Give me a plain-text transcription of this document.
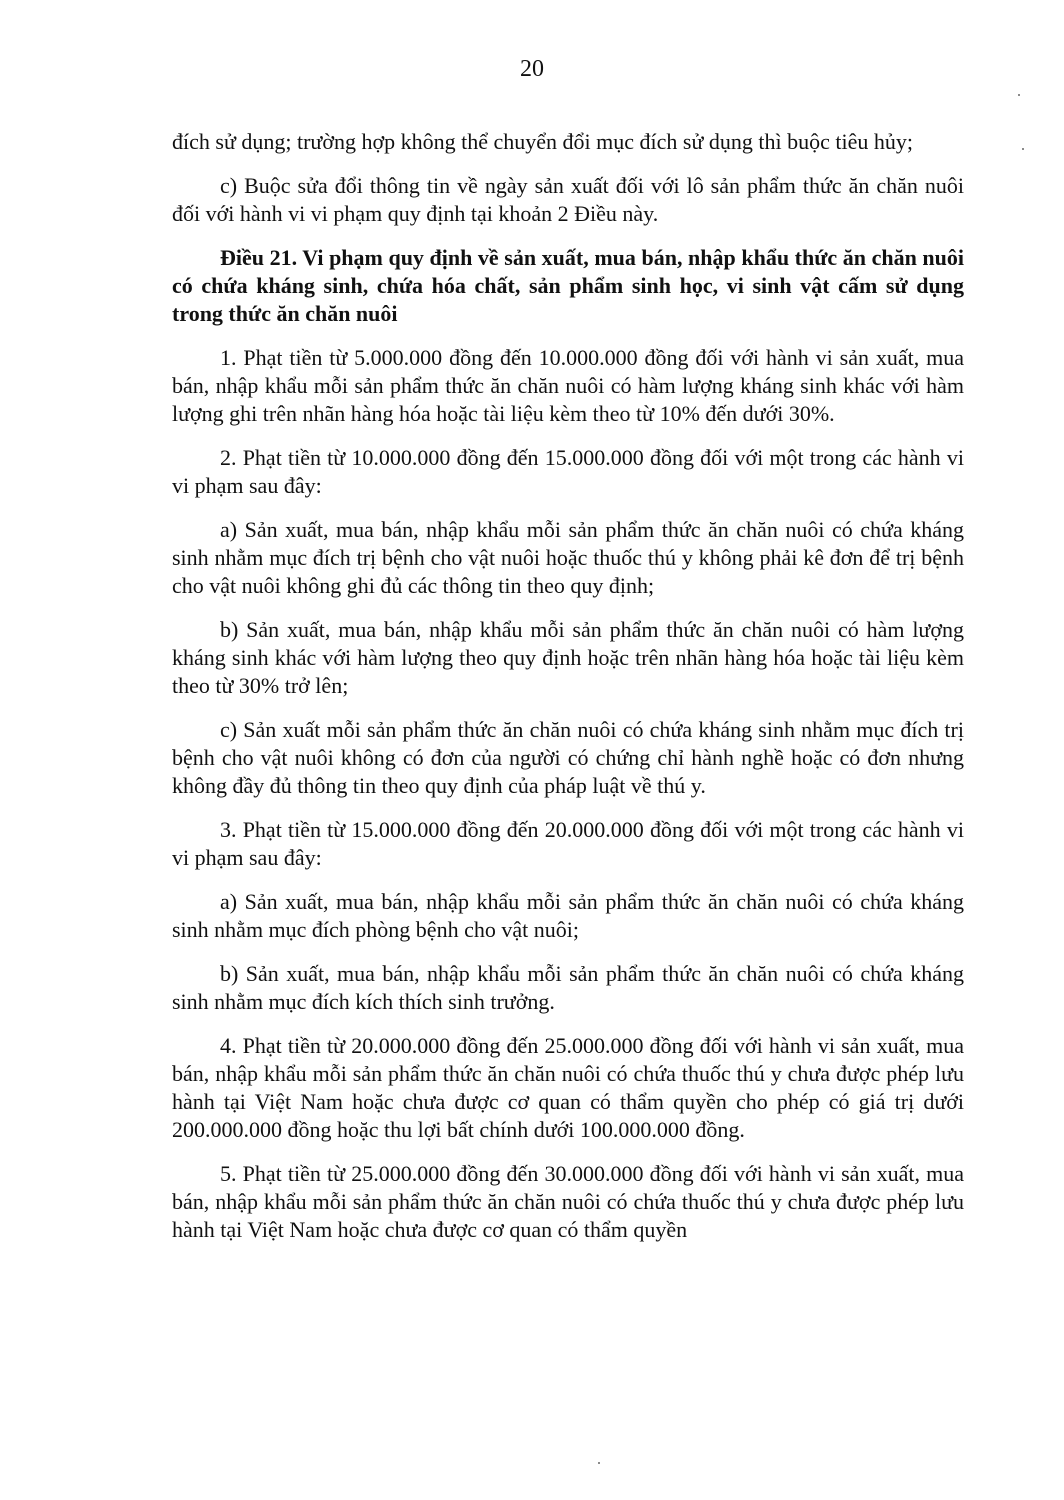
20

đích sử dụng; trường hợp không thể chuyển đổi mục đích sử dụng thì buộc tiêu hủy;

c) Buộc sửa đổi thông tin về ngày sản xuất đối với lô sản phẩm thức ăn chăn nuôi đối với hành vi vi phạm quy định tại khoản 2 Điều này.

Điều 21. Vi phạm quy định về sản xuất, mua bán, nhập khẩu thức ăn chăn nuôi có chứa kháng sinh, chứa hóa chất, sản phẩm sinh học, vi sinh vật cấm sử dụng trong thức ăn chăn nuôi

1. Phạt tiền từ 5.000.000 đồng đến 10.000.000 đồng đối với hành vi sản xuất, mua bán, nhập khẩu mỗi sản phẩm thức ăn chăn nuôi có hàm lượng kháng sinh khác với hàm lượng ghi trên nhãn hàng hóa hoặc tài liệu kèm theo từ 10% đến dưới 30%.

2. Phạt tiền từ 10.000.000 đồng đến 15.000.000 đồng đối với một trong các hành vi vi phạm sau đây:

a) Sản xuất, mua bán, nhập khẩu mỗi sản phẩm thức ăn chăn nuôi có chứa kháng sinh nhằm mục đích trị bệnh cho vật nuôi hoặc thuốc thú y không phải kê đơn để trị bệnh cho vật nuôi không ghi đủ các thông tin theo quy định;

b) Sản xuất, mua bán, nhập khẩu mỗi sản phẩm thức ăn chăn nuôi có hàm lượng kháng sinh khác với hàm lượng theo quy định hoặc trên nhãn hàng hóa hoặc tài liệu kèm theo từ 30% trở lên;

c) Sản xuất mỗi sản phẩm thức ăn chăn nuôi có chứa kháng sinh nhằm mục đích trị bệnh cho vật nuôi không có đơn của người có chứng chỉ hành nghề hoặc có đơn nhưng không đầy đủ thông tin theo quy định của pháp luật về thú y.

3. Phạt tiền từ 15.000.000 đồng đến 20.000.000 đồng đối với một trong các hành vi vi phạm sau đây:

a) Sản xuất, mua bán, nhập khẩu mỗi sản phẩm thức ăn chăn nuôi có chứa kháng sinh nhằm mục đích phòng bệnh cho vật nuôi;

b) Sản xuất, mua bán, nhập khẩu mỗi sản phẩm thức ăn chăn nuôi có chứa kháng sinh nhằm mục đích kích thích sinh trưởng.

4. Phạt tiền từ 20.000.000 đồng đến 25.000.000 đồng đối với hành vi sản xuất, mua bán, nhập khẩu mỗi sản phẩm thức ăn chăn nuôi có chứa thuốc thú y chưa được phép lưu hành tại Việt Nam hoặc chưa được cơ quan có thẩm quyền cho phép có giá trị dưới 200.000.000 đồng hoặc thu lợi bất chính dưới 100.000.000 đồng.

5. Phạt tiền từ 25.000.000 đồng đến 30.000.000 đồng đối với hành vi sản xuất, mua bán, nhập khẩu mỗi sản phẩm thức ăn chăn nuôi có chứa thuốc thú y chưa được phép lưu hành tại Việt Nam hoặc chưa được cơ quan có thẩm quyền
